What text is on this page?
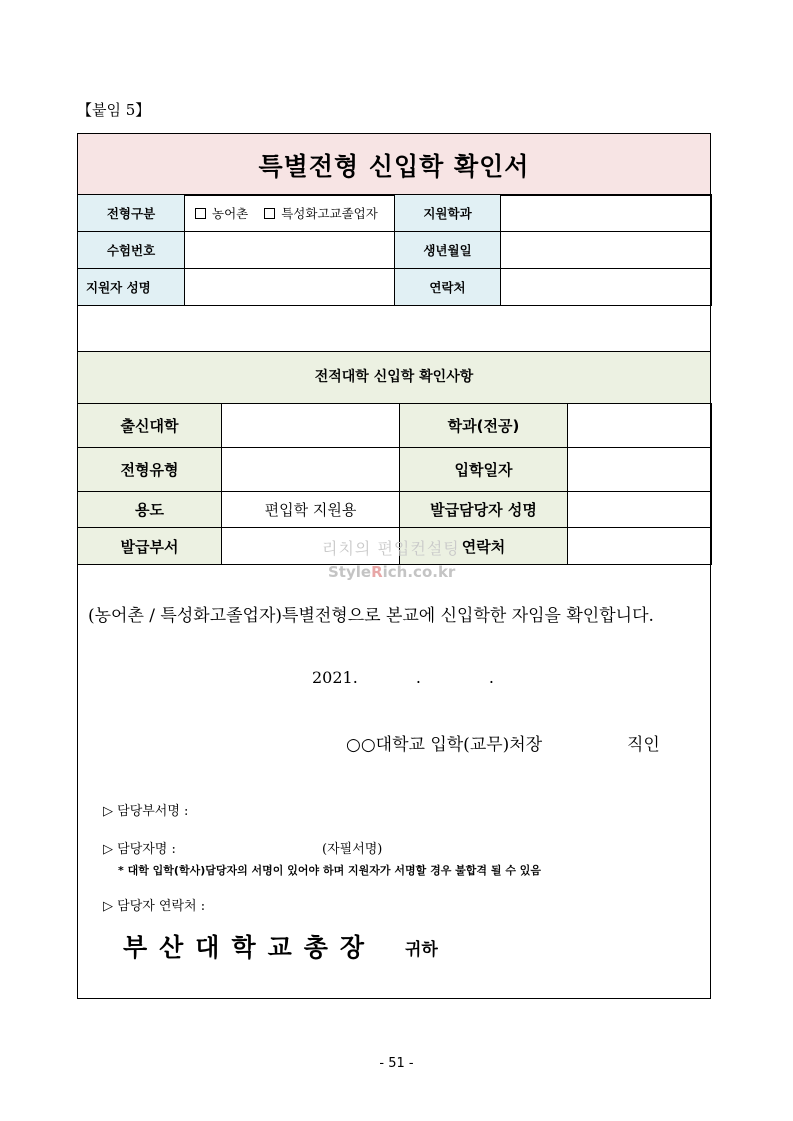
【붙임 5】
특별전형 신입학 확인서
전형구분	농어촌 특성화고교졸업자	지원학과	
수험번호		생년월일	
지원자 성명		연락처	
전적대학 신입학 확인사항
출신대학		학과(전공)	
전형유형		입학일자	
용도	편입학 지원용	발급담당자 성명	
발급부서		연락처	
리치의 편입컨설팅
StyleRich.co.kr
(농어촌 / 특성화고졸업자)특별전형으로 본교에 신입학한 자임을 확인합니다.
2021.	.	.
○○대학교 입학(교무)처장	직인
▷ 담당부서명 :
▷ 담당자명 :	(자필서명)
* 대학 입학(학사)담당자의 서명이 있어야 하며 지원자가 서명할 경우 불합격 될 수 있음
▷ 담당자 연락처 :
부산대학교총장 귀하
- 51 -
